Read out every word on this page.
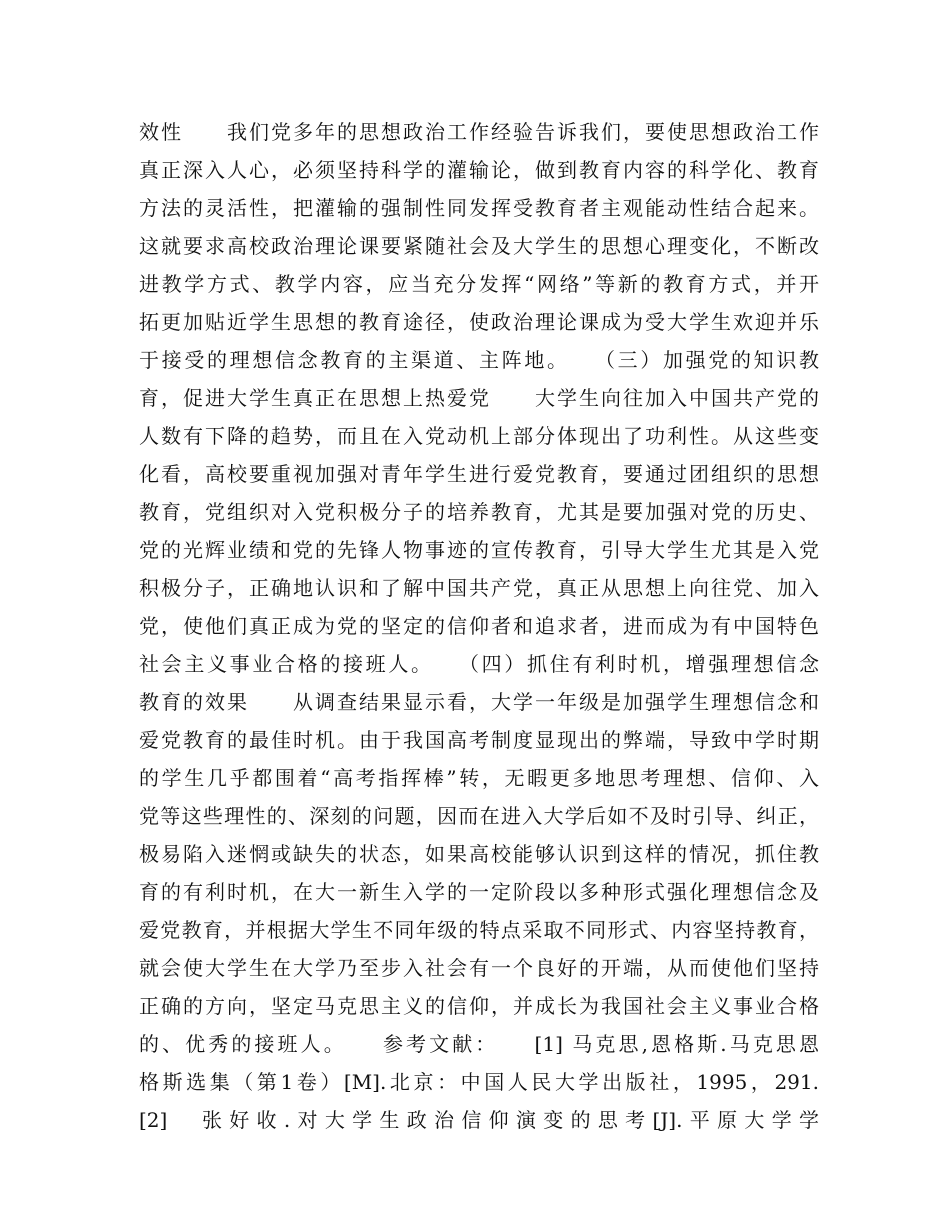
效性　　我们党多年的思想政治工作经验告诉我们，要使思想政治工作
真正深入人心，必须坚持科学的灌输论，做到教育内容的科学化、教育
方法的灵活性，把灌输的强制性同发挥受教育者主观能动性结合起来。
这就要求高校政治理论课要紧随社会及大学生的思想心理变化，不断改
进教学方式、教学内容，应当充分发挥“网络”等新的教育方式，并开
拓更加贴近学生思想的教育途径，使政治理论课成为受大学生欢迎并乐
于接受的理想信念教育的主渠道、主阵地。　　（三）加强党的知识教
育，促进大学生真正在思想上热爱党　　大学生向往加入中国共产党的
人数有下降的趋势，而且在入党动机上部分体现出了功利性。从这些变
化看，高校要重视加强对青年学生进行爱党教育，要通过团组织的思想
教育，党组织对入党积极分子的培养教育，尤其是要加强对党的历史、
党的光辉业绩和党的先锋人物事迹的宣传教育，引导大学生尤其是入党
积极分子，正确地认识和了解中国共产党，真正从思想上向往党、加入
党，使他们真正成为党的坚定的信仰者和追求者，进而成为有中国特色
社会主义事业合格的接班人。　　（四）抓住有利时机，增强理想信念
教育的效果　　从调查结果显示看，大学一年级是加强学生理想信念和
爱党教育的最佳时机。由于我国高考制度显现出的弊端，导致中学时期
的学生几乎都围着“高考指挥棒”转，无暇更多地思考理想、信仰、入
党等这些理性的、深刻的问题，因而在进入大学后如不及时引导、纠正，
极易陷入迷惘或缺失的状态，如果高校能够认识到这样的情况，抓住教
育的有利时机，在大一新生入学的一定阶段以多种形式强化理想信念及
爱党教育，并根据大学生不同年级的特点采取不同形式、内容坚持教育，
就会使大学生在大学乃至步入社会有一个良好的开端，从而使他们坚持
正确的方向，坚定马克思主义的信仰，并成长为我国社会主义事业合格
的、优秀的接班人。　　参考文献：　　[1] 马克思,恩格斯.马克思恩
格斯选集（第1卷）[M].北京：中国人民大学出版社，1995，291.
[2]　张好收.对大学生政治信仰演变的思考[J].平原大学学
